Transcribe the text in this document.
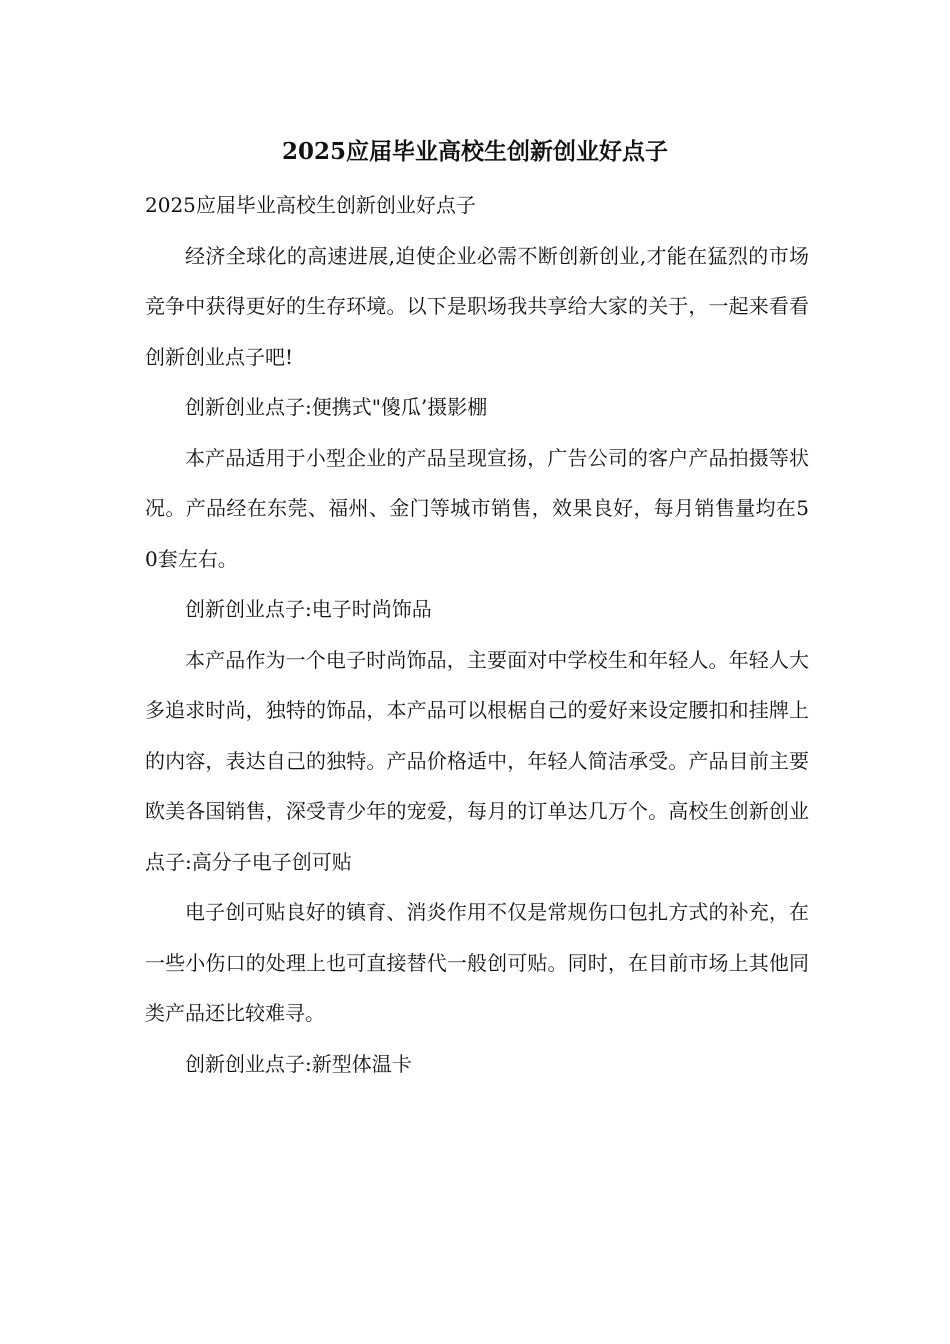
2025应届毕业高校生创新创业好点子

2025应届毕业高校生创新创业好点子

经济全球化的高速进展,迫使企业必需不断创新创业,才能在猛烈的市场竞争中获得更好的生存环境。以下是职场我共享给大家的关于，一起来看看创新创业点子吧!

创新创业点子:便携式"傻瓜’摄影棚

本产品适用于小型企业的产品呈现宣扬，广告公司的客户产品拍摄等状况。产品经在东莞、福州、金门等城市销售，效果良好，每月销售量均在50套左右。

创新创业点子:电子时尚饰品

本产品作为一个电子时尚饰品，主要面对中学校生和年轻人。年轻人大多追求时尚，独特的饰品，本产品可以根椐自己的爱好来设定腰扣和挂牌上的内容，表达自己的独特。产品价格适中，年轻人简洁承受。产品目前主要欧美各国销售，深受青少年的宠爱，每月的订单达几万个。高校生创新创业点子:高分子电子创可贴

电子创可贴良好的镇育、消炎作用不仅是常规伤口包扎方式的补充，在一些小伤口的处理上也可直接替代一般创可贴。同时，在目前市场上其他同类产品还比较难寻。

创新创业点子:新型体温卡
